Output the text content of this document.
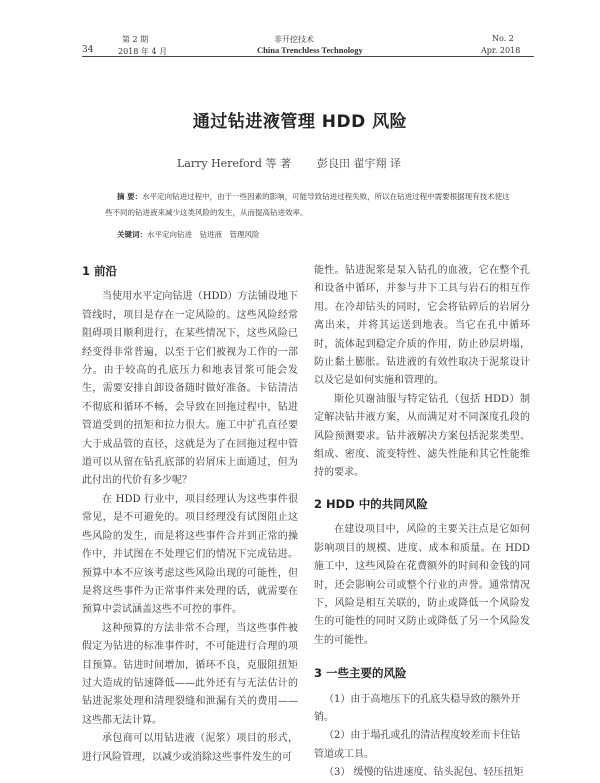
第 2 期
34	2018 年 4 月
非开挖技术
China Trenchless Technology
No. 2
Apr. 2018
通过钻进液管理 HDD 风险
Larry Hereford 等 著 彭良田 翟宇翔 译
摘 要：水平定向钻进过程中，由于一些因素的影响，可能导致钻进过程失败，所以在钻进过程中需要根据现有技术使这些不同的钻进液来减少这类风险的发生，从而提高钻进效率。
关键词：水平定向钻进　钻进液　管理风险
1 前沿

当使用水平定向钻进（HDD）方法铺设地下管线时，项目是存在一定风险的。这些风险经常阻碍项目顺利进行，在某些情况下，这些风险已经变得非常普遍，以至于它们被视为工作的一部分。由于较高的孔底压力和地表冒浆可能会发生，需要安排自卸设备随时做好准备。卡钻清洁不彻底和循环不畅，会导致在回拖过程中，钻进管道受到的扭矩和拉力很大。施工中扩孔直径要大于成品管的直径，这就是为了在回拖过程中管道可以从留在钻孔底部的岩屑床上面通过，但为此付出的代价有多少呢？

在 HDD 行业中，项目经理认为这些事件很常见，是不可避免的。项目经理没有试图阻止这些风险的发生，而是将这些事件合并到正常的操作中，并试图在不处理它们的情况下完成钻进。预算中本不应该考虑这些风险出现的可能性，但是将这些事件为正常事件来处理的话，就需要在预算中尝试涵盖这些不可控的事件。

这种预算的方法非常不合理，当这些事件被假定为钻进的标准事件时，不可能进行合理的项目预算。钻进时间增加，循环不良，克服阻扭矩过大造成的钻速降低——此外还有与无法估计的钻进泥浆处理和清理裂缝和泄漏有关的费用——这些都无法计算。

承包商可以用钻进液（泥浆）项目的形式，进行风险管理，以减少或消除这些事件发生的可

能性。钻进泥浆是泵入钻孔的血液，它在整个孔和设备中循环，并参与井下工具与岩石的相互作用。在冷却钻头的同时，它会将钻碎后的岩屑分离出来，并将其运送到地表。当它在孔中循环时，流体起到稳定介质的作用，防止砂层坍塌，防止黏土膨胀。钻进液的有效性取决于泥浆设计以及它是如何实施和管理的。

斯伦贝谢油服与特定钻孔（包括 HDD）制定解决钻井液方案，从而满足对不同深度孔段的风险预测要求。钻井液解决方案包括泥浆类型、组成、密度、流变特性、滤失性能和其它性能维持的要求。

2 HDD 中的共同风险

在建设项目中，风险的主要关注点是它如何影响项目的规模、进度、成本和质量。在 HDD 施工中，这些风险在花费额外的时间和金钱的同时，还会影响公司或整个行业的声誉。通常情况下，风险是相互关联的，防止或降低一个风险发生的可能性的同时又防止或降低了另一个风险发生的可能性。

3 一些主要的风险
（1）由于高地压下的孔底失稳导致的额外开销。
（2）由于塌孔或孔的清洁程度较差而卡住钻管道或工具。
（3） 缓慢的钻进速度、钻头泥包、轻压扭矩
